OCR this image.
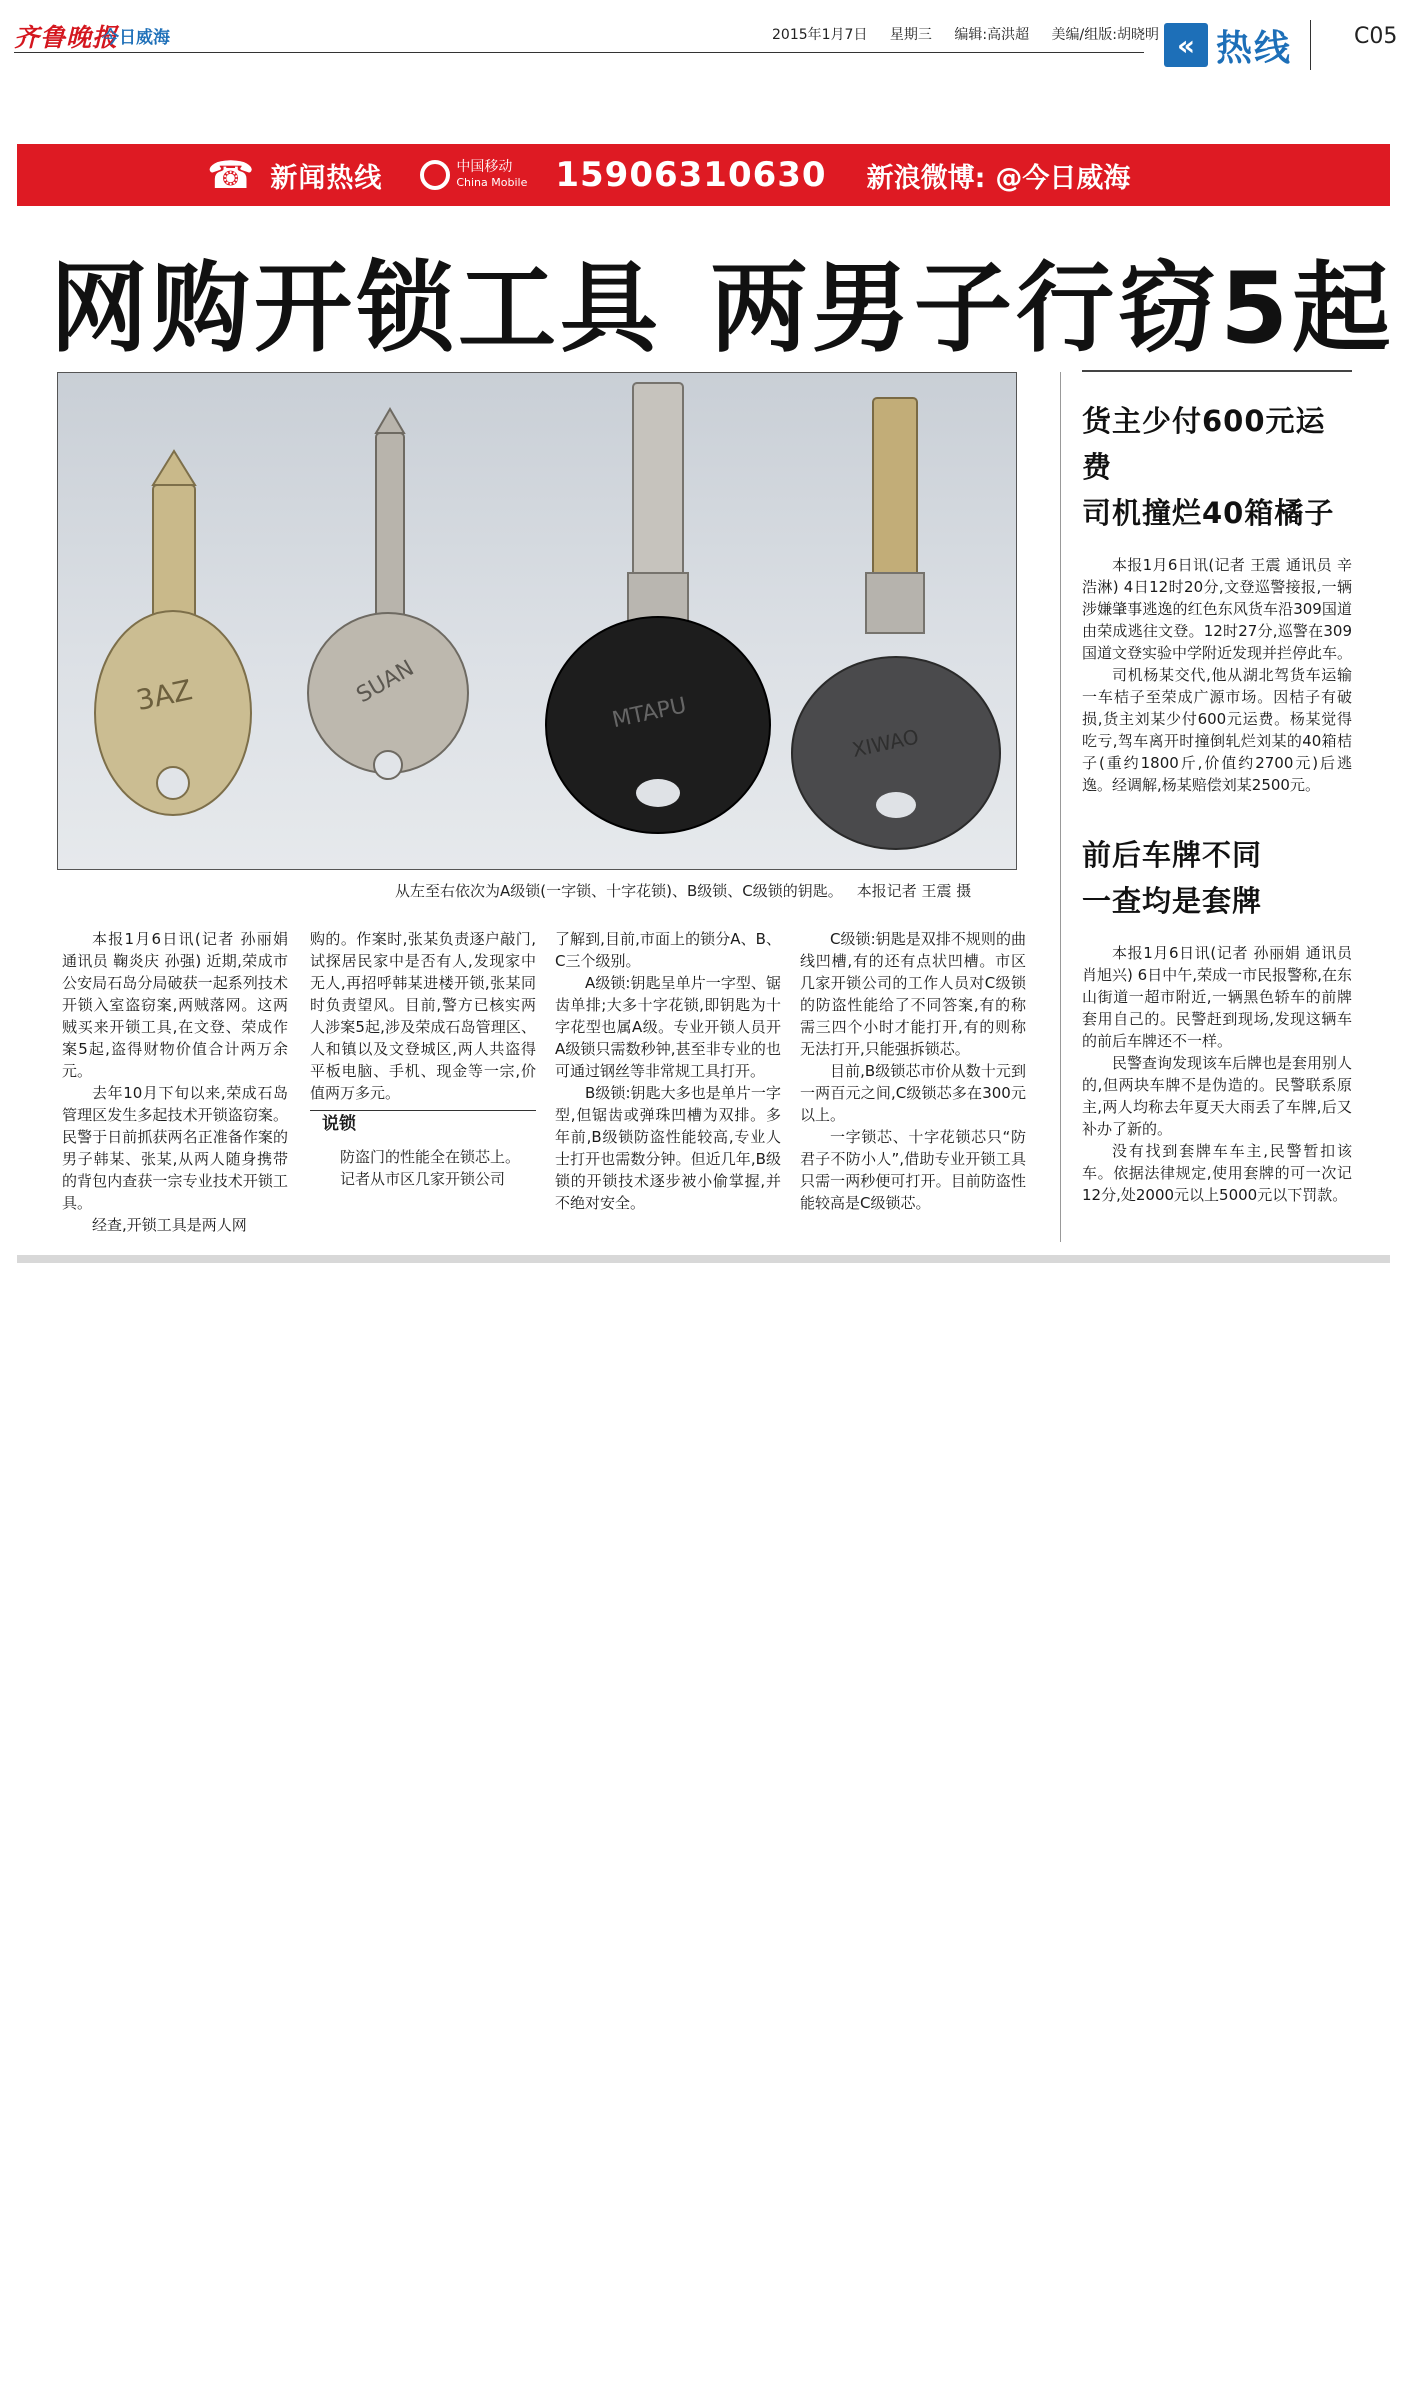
齐鲁晚报
今日威海	2015年1月7日 星期三 编辑:高洪超 美编/组版:胡晓明 « 热线	C05
☎ 新闻热线	中国移动
China Mobile 15906310630 新浪微博: @今日威海
网购开锁工具 两男子行窃5起
3AZ	SUAN
MTAPU
XIWAO
从左至右依次为A级锁(一字锁、十字花锁)、B级锁、C级锁的钥匙。 本报记者 王震 摄

本报1月6日讯(记者 孙丽娟 通讯员 鞠炎庆 孙强) 近期,荣成市公安局石岛分局破获一起系列技术开锁入室盗窃案,两贼落网。这两贼买来开锁工具,在文登、荣成作案5起,盗得财物价值合计两万余元。

去年10月下旬以来,荣成石岛管理区发生多起技术开锁盗窃案。民警于日前抓获两名正准备作案的男子韩某、张某,从两人随身携带的背包内查获一宗专业技术开锁工具。

经查,开锁工具是两人网

购的。作案时,张某负责逐户敲门,试探居民家中是否有人,发现家中无人,再招呼韩某进楼开锁,张某同时负责望风。目前,警方已核实两人涉案5起,涉及荣成石岛管理区、人和镇以及文登城区,两人共盗得平板电脑、手机、现金等一宗,价值两万多元。

说锁

防盗门的性能全在锁芯上。

记者从市区几家开锁公司

了解到,目前,市面上的锁分A、B、C三个级别。

A级锁:钥匙呈单片一字型、锯齿单排;大多十字花锁,即钥匙为十字花型也属A级。专业开锁人员开A级锁只需数秒钟,甚至非专业的也可通过钢丝等非常规工具打开。

B级锁:钥匙大多也是单片一字型,但锯齿或弹珠凹槽为双排。多年前,B级锁防盗性能较高,专业人士打开也需数分钟。但近几年,B级锁的开锁技术逐步被小偷掌握,并不绝对安全。

C级锁:钥匙是双排不规则的曲线凹槽,有的还有点状凹槽。市区几家开锁公司的工作人员对C级锁的防盗性能给了不同答案,有的称需三四个小时才能打开,有的则称无法打开,只能强拆锁芯。

目前,B级锁芯市价从数十元到一两百元之间,C级锁芯多在300元以上。

一字锁芯、十字花锁芯只“防君子不防小人”,借助专业开锁工具只需一两秒便可打开。目前防盗性能较高是C级锁芯。

货主少付600元运费
司机撞烂40箱橘子

本报1月6日讯(记者 王震 通讯员 辛浩淋) 4日12时20分,文登巡警接报,一辆涉嫌肇事逃逸的红色东风货车沿309国道由荣成逃往文登。12时27分,巡警在309国道文登实验中学附近发现并拦停此车。

司机杨某交代,他从湖北驾货车运输一车桔子至荣成广源市场。因桔子有破损,货主刘某少付600元运费。杨某觉得吃亏,驾车离开时撞倒轧烂刘某的40箱桔子(重约1800斤,价值约2700元)后逃逸。经调解,杨某赔偿刘某2500元。

前后车牌不同
一查均是套牌

本报1月6日讯(记者 孙丽娟 通讯员 肖旭兴) 6日中午,荣成一市民报警称,在东山街道一超市附近,一辆黑色轿车的前牌套用自己的。民警赶到现场,发现这辆车的前后车牌还不一样。

民警查询发现该车后牌也是套用别人的,但两块车牌不是伪造的。民警联系原主,两人均称去年夏天大雨丢了车牌,后又补办了新的。

没有找到套牌车车主,民警暂扣该车。依据法律规定,使用套牌的可一次记12分,处2000元以上5000元以下罚款。
